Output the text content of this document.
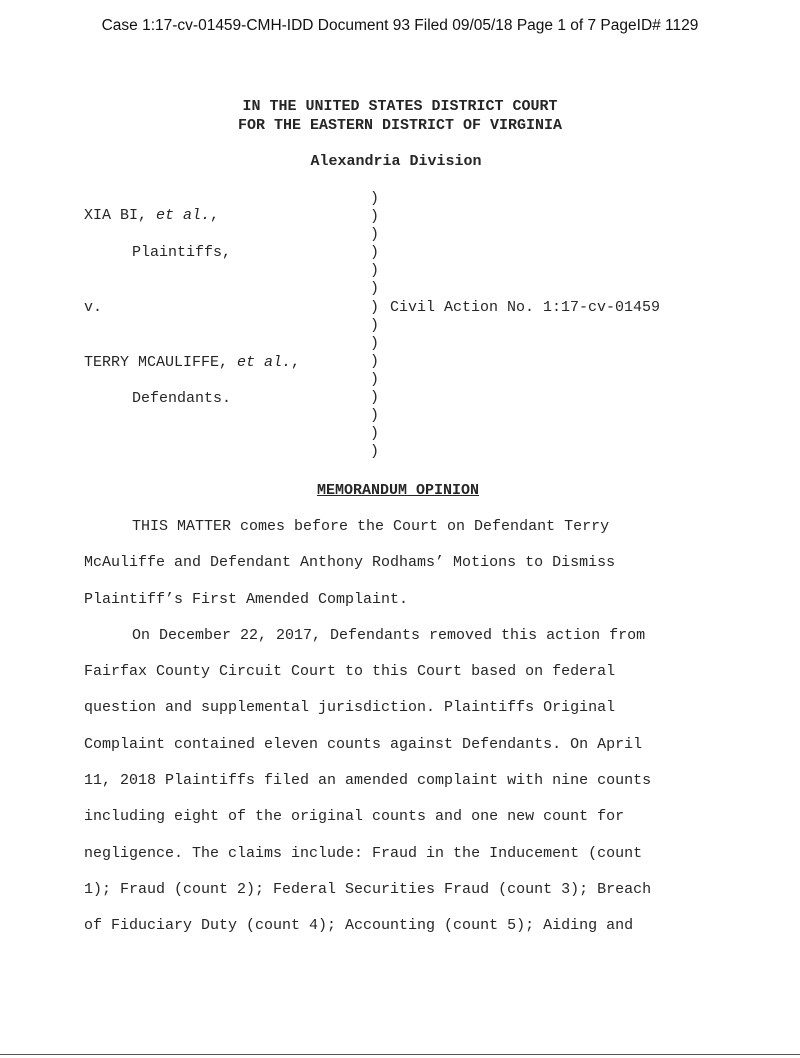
Case 1:17-cv-01459-CMH-IDD Document 93 Filed 09/05/18 Page 1 of 7 PageID# 1129
IN THE UNITED STATES DISTRICT COURT
FOR THE EASTERN DISTRICT OF VIRGINIA
Alexandria Division
XIA BI, et al.,
Plaintiffs,
v.
TERRY MCAULIFFE, et al.,
Defendants.
Civil Action No. 1:17-cv-01459
)
)
)
)
)
)
)
)
)
)
)
)
)
)
)
MEMORANDUM OPINION
THIS MATTER comes before the Court on Defendant Terry
McAuliffe and Defendant Anthony Rodhams’ Motions to Dismiss
Plaintiff’s First Amended Complaint.
On December 22, 2017, Defendants removed this action from
Fairfax County Circuit Court to this Court based on federal
question and supplemental jurisdiction. Plaintiffs Original
Complaint contained eleven counts against Defendants. On April
11, 2018 Plaintiffs filed an amended complaint with nine counts
including eight of the original counts and one new count for
negligence. The claims include: Fraud in the Inducement (count
1); Fraud (count 2); Federal Securities Fraud (count 3); Breach
of Fiduciary Duty (count 4); Accounting (count 5); Aiding and
